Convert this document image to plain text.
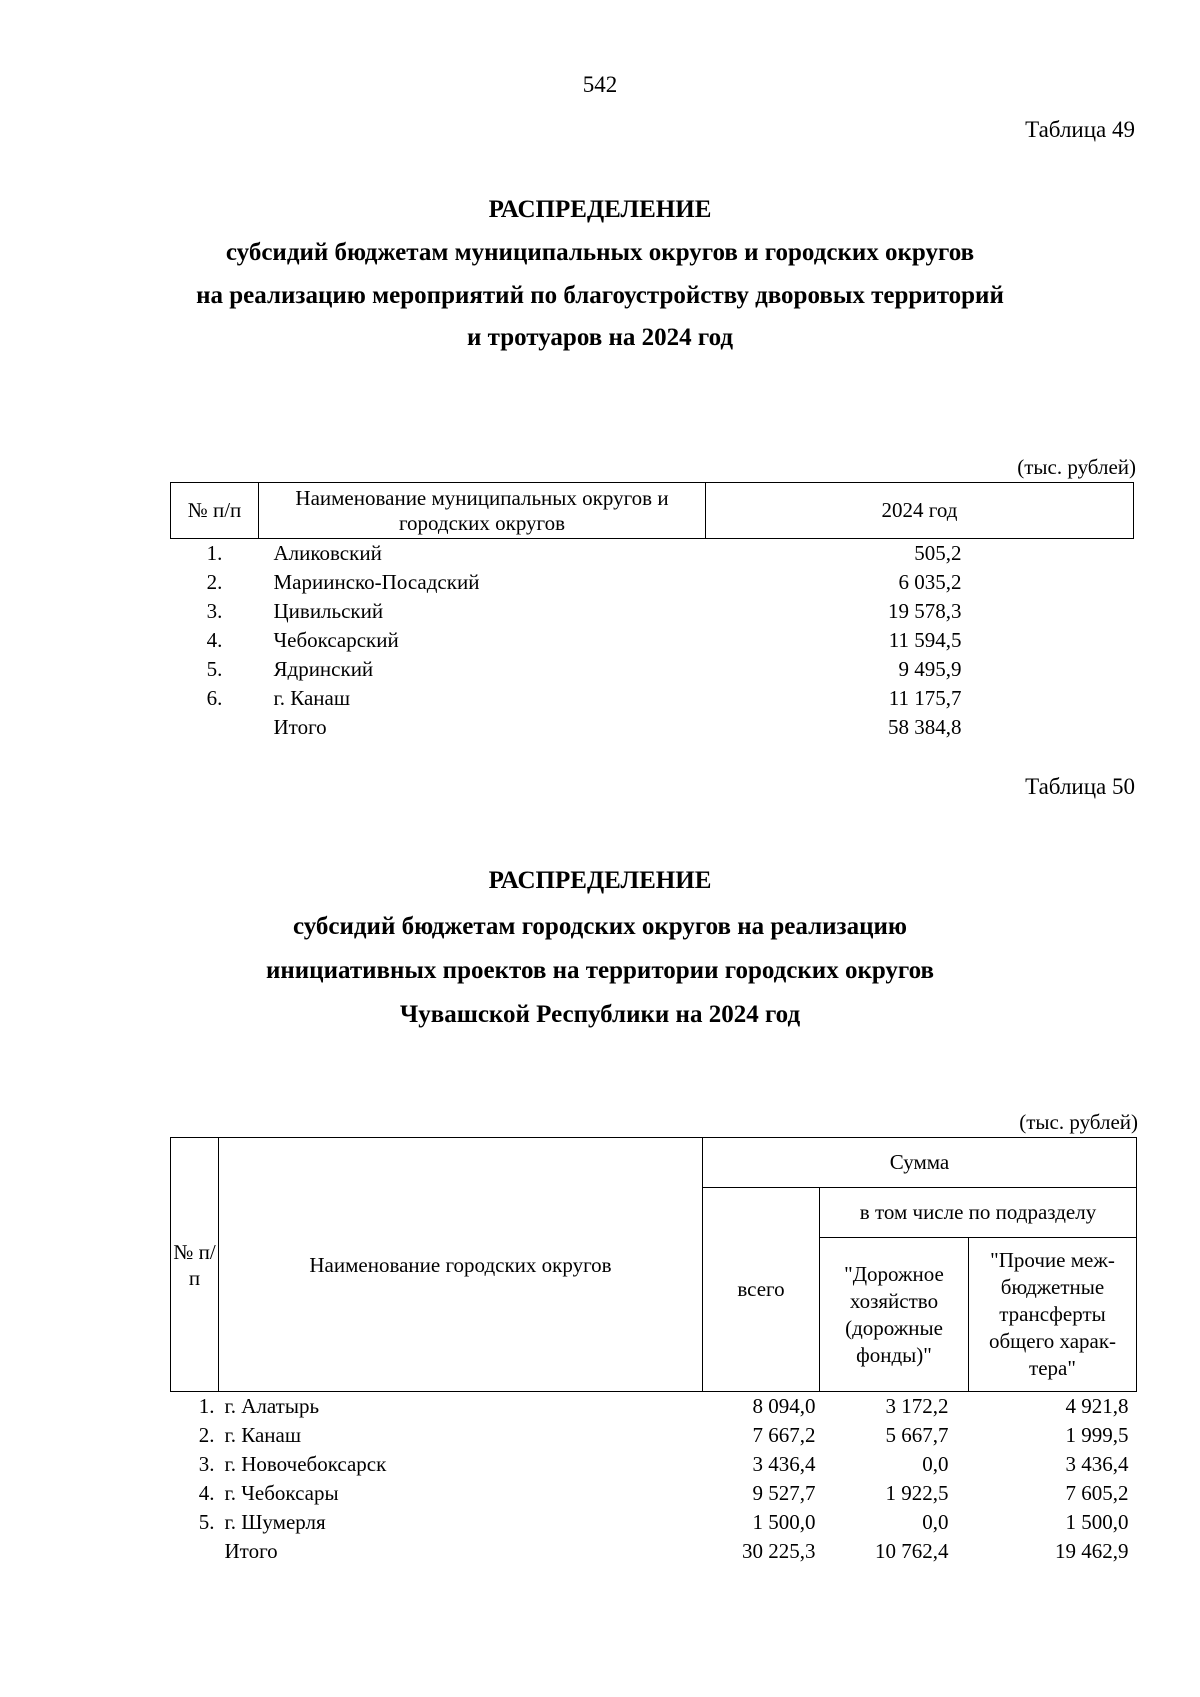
542
Таблица 49
РАСПРЕДЕЛЕНИЕ
субсидий бюджетам муниципальных округов и городских округов
на реализацию мероприятий по благоустройству дворовых территорий
и тротуаров на 2024 год
(тыс. рублей)
№ п/п	Наименование муниципальных округов и городских округов	2024 год
1.	Аликовский	505,2
2.	Мариинско-Посадский	6 035,2
3.	Цивильский	19 578,3
4.	Чебоксарский	11 594,5
5.	Ядринский	9 495,9
6.	г. Канаш	11 175,7
	Итого	58 384,8
Таблица 50
РАСПРЕДЕЛЕНИЕ
субсидий бюджетам городских округов на реализацию
инициативных проектов на территории городских округов
Чувашской Республики на 2024 год
(тыс. рублей)
№ п/п	Наименование городских округов	Сумма		
		всего	в том числе по подразделу	
			"Дорожное хозяйство (дорожные фонды)"	"Прочие меж-бюджетные трансферты общего харак-тера"
1.	г. Алатырь	8 094,0	3 172,2	4 921,8
2.	г. Канаш	7 667,2	5 667,7	1 999,5
3.	г. Новочебоксарск	3 436,4	0,0	3 436,4
4.	г. Чебоксары	9 527,7	1 922,5	7 605,2
5.	г. Шумерля	1 500,0	0,0	1 500,0
	Итого	30 225,3	10 762,4	19 462,9
